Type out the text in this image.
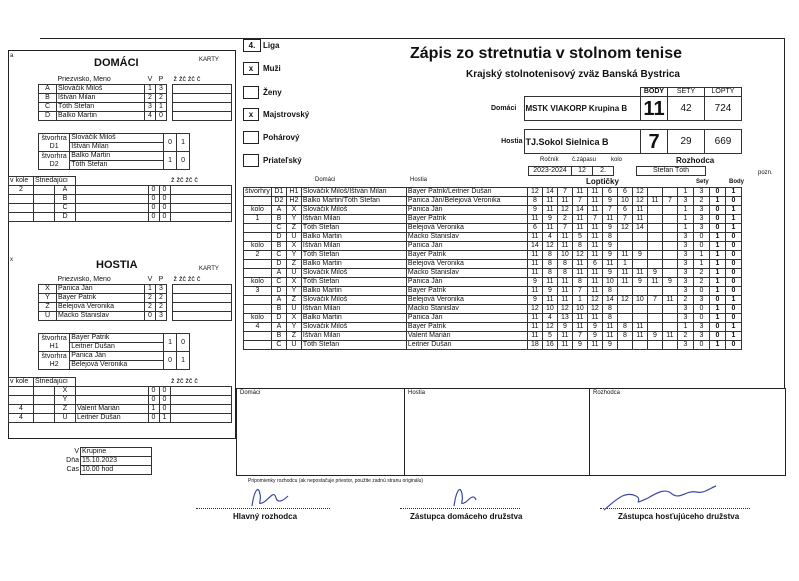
a
x
DOMÁCI	KARTY
	Priezvisko, Meno	V	P		ž žč žč č
A	Slováčik Miloš	1	3		
B	Ištván Milan	2	2		
C	Tóth Štefan	3	1		
D	Balko Martin	4	0		
štvorhra D1	Slováčik Miloš	0	1
	Ištván Milan		
štvorhra D2	Balko Martin	1	0
	Tóth Štefan		
v kole	Striedajúci					ž žč žč č
2		A		0	0	
		B		0	0	
		C		0	0	
		D		0	0	
HOSTIA	KARTY
	Priezvisko, Meno	V	P		ž žč žč č
X	Panica Ján	1	3		
Y	Bayer Patrik	2	2		
Z	Belejová Veronika	2	2		
U	Macko Stanislav	0	3		
štvorhra H1	Bayer Patrik	1	0
	Leitner Dušan		
štvorhra H2	Panica Ján	0	1
	Belejová Veronika		
v kole	Striedajúci					ž žč žč č
		X		0	0	
		Y		0	0	
4		Z	Valent Marián	1	0	
4		U	Leitner Dušan	0	1	
4. Liga
x	Muži
Ženy
x	Majstrovský
Pohárový
Priateľský
Zápis zo stretnutia v stolnom tenise
Krajský stolnotenisový zväz Banská Bystrica
		BODY	SETY	LOPTY
Domáci	MSTK VIAKORP Krupina B	11	42	724

Hostia	TJ.Sokol Sielnica B	7	29	669
Ročník č.zápasu kolo	Rozhodca
2023-2024	12	2.		Štefan Tóth	pozn.
Domáci	Hostia	Loptičky	Sety	Body
štvorhry	D1	H1	Slováčik Miloš/Ištván Milan	Bayer Patrik/Leitner Dušan	12	14	7	11	11	6	6	12			1	3	0	1
	D2	H2	Balko Martin/Tóth Štefan	Panica Ján/Belejová Veronika	8	11	11	7	11	9	10	12	11	7	3	2	1	0
kolo	A	X	Slováčik Miloš	Panica Ján	9	11	12	14	11	7	6	11			1	3	0	1
1	B	Y	Ištván Milan	Bayer Patrik	11	9	2	11	7	11	7	11			1	3	0	1
	C	Z	Tóth Štefan	Belejová Veronika	6	11	7	11	11	9	12	14			1	3	0	1
	D	U	Balko Martin	Macko Stanislav	11	4	11	5	11	8					3	0	1	0
kolo	B	X	Ištván Milan	Panica Ján	14	12	11	8	11	9					3	0	1	0
2	C	Y	Tóth Štefan	Bayer Patrik	11	8	10	12	11	9	11	9			3	1	1	0
	D	Z	Balko Martin	Belejová Veronika	11	8	8	11	6	11	1				3	1	1	0
	A	U	Slováčik Miloš	Macko Stanislav	11	8	8	11	11	9	11	11	9		3	2	1	0
kolo	C	X	Tóth Štefan	Panica Ján	9	11	11	8	11	10	11	9	11	9	3	2	1	0
3	D	Y	Balko Martin	Bayer Patrik	11	9	11	7	11	8					3	0	1	0
	A	Z	Slováčik Miloš	Belejová Veronika	9	11	11	1	12	14	12	10	7	11	2	3	0	1
	B	U	Ištván Milan	Macko Stanislav	12	10	12	10	12	8					3	0	1	0
kolo	D	X	Balko Martin	Panica Ján	11	4	13	11	11	8					3	0	1	0
4	A	Y	Slováčik Miloš	Bayer Patrik	11	12	9	11	9	11	8	11			1	3	0	1
	B	Z	Ištván Milan	Valent Marián	11	5	11	7	9	11	8	11	9	11	2	3	0	1
	C	U	Tóth Štefan	Leitner Dušan	18	16	11	9	11	9					3	0	1	0
Domáci	Hostia	Rozhodca
V	Krupine
Dňa	15.10.2023
Čas	10.00 hod
Pripomienky rozhodcu (ak nepostačuje priestor, použite zadnú stranu originálu)
Hlavný rozhodca	Zástupca domáceho družstva	Zástupca hosťujúceho družstva
